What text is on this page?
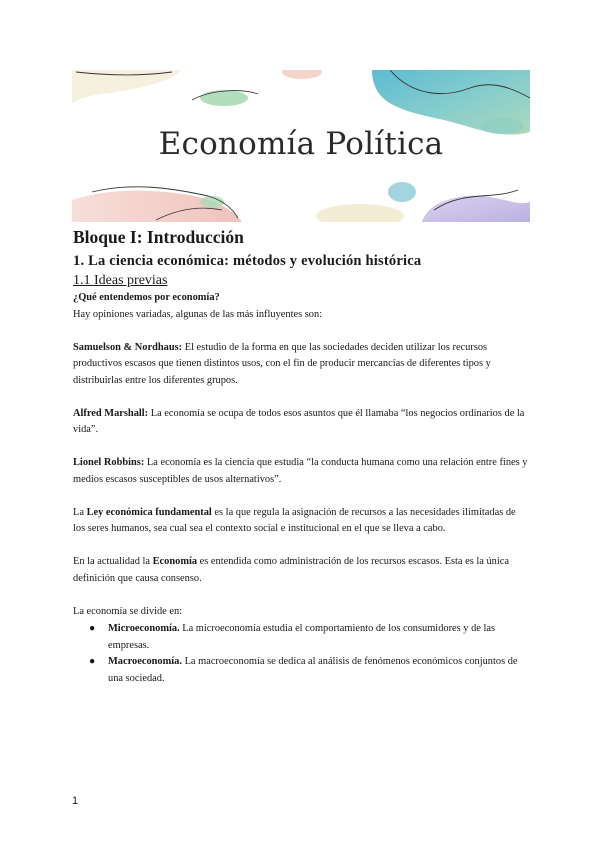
Economía Política
Bloque I: Introducción
1. La ciencia económica: métodos y evolución histórica
1.1 Ideas previas

¿Qué entendemos por economía?

Hay opiniones variadas, algunas de las más influyentes son:

Samuelson & Nordhaus: El estudio de la forma en que las sociedades deciden utilizar los recursos productivos escasos que tienen distintos usos, con el fin de producir mercancías de diferentes tipos y distribuirlas entre los diferentes grupos.

Alfred Marshall: La economía se ocupa de todos esos asuntos que él llamaba “los negocios ordinarios de la vida”.

Lionel Robbins: La economía es la ciencia que estudia “la conducta humana como una relación entre fines y medios escasos susceptibles de usos alternativos”.

La Ley económica fundamental es la que regula la asignación de recursos a las necesidades ilimitadas de los seres humanos, sea cual sea el contexto social e institucional en el que se lleva a cabo.

En la actualidad la Economía es entendida como administración de los recursos escasos. Esta es la única definición que causa consenso.

La economía se divide en:

● Microeconomía. La microeconomía estudia el comportamiento de los consumidores y de las empresas.
● Macroeconomía. La macroeconomía se dedica al análisis de fenómenos económicos conjuntos de una sociedad.
1
